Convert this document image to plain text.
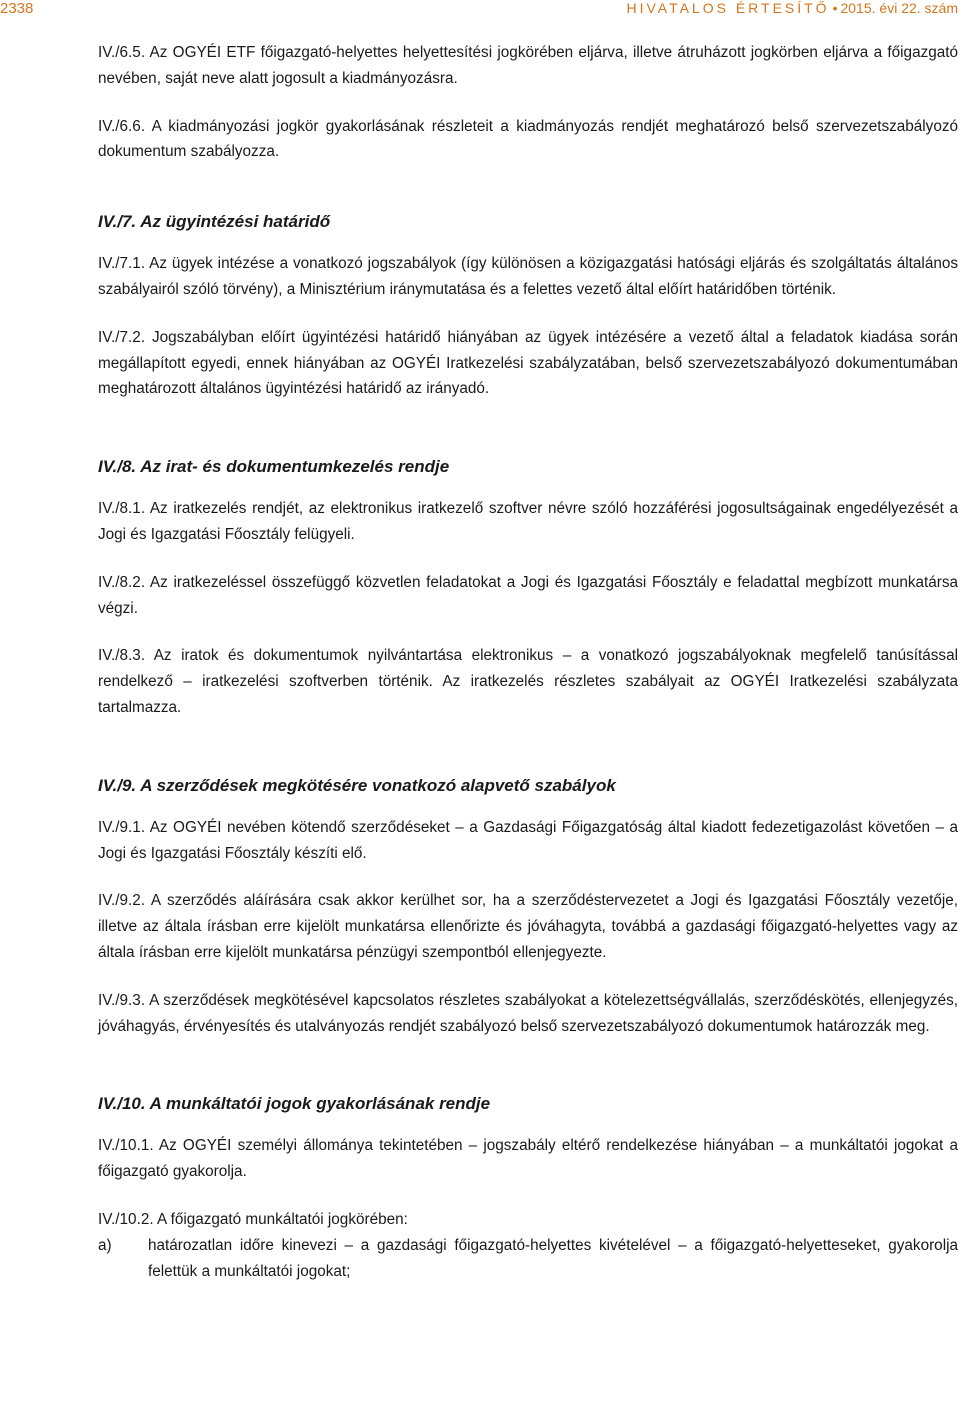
2338	HIVATALOS ÉRTESÍTŐ • 2015. évi 22. szám

IV./6.5. Az OGYÉI ETF főigazgató-helyettes helyettesítési jogkörében eljárva, illetve átruházott jogkörben eljárva a főigazgató nevében, saját neve alatt jogosult a kiadmányozásra.

IV./6.6. A kiadmányozási jogkör gyakorlásának részleteit a kiadmányozás rendjét meghatározó belső szervezetszabályozó dokumentum szabályozza.

IV./7. Az ügyintézési határidő

IV./7.1. Az ügyek intézése a vonatkozó jogszabályok (így különösen a közigazgatási hatósági eljárás és szolgáltatás általános szabályairól szóló törvény), a Minisztérium iránymutatása és a felettes vezető által előírt határidőben történik.

IV./7.2. Jogszabályban előírt ügyintézési határidő hiányában az ügyek intézésére a vezető által a feladatok kiadása során megállapított egyedi, ennek hiányában az OGYÉI Iratkezelési szabályzatában, belső szervezetszabályozó dokumentumában meghatározott általános ügyintézési határidő az irányadó.

IV./8. Az irat- és dokumentumkezelés rendje

IV./8.1. Az iratkezelés rendjét, az elektronikus iratkezelő szoftver névre szóló hozzáférési jogosultságainak engedélyezését a Jogi és Igazgatási Főosztály felügyeli.

IV./8.2. Az iratkezeléssel összefüggő közvetlen feladatokat a Jogi és Igazgatási Főosztály e feladattal megbízott munkatársa végzi.

IV./8.3. Az iratok és dokumentumok nyilvántartása elektronikus – a vonatkozó jogszabályoknak megfelelő tanúsítással rendelkező – iratkezelési szoftverben történik. Az iratkezelés részletes szabályait az OGYÉI Iratkezelési szabályzata tartalmazza.

IV./9. A szerződések megkötésére vonatkozó alapvető szabályok

IV./9.1. Az OGYÉI nevében kötendő szerződéseket – a Gazdasági Főigazgatóság által kiadott fedezetigazolást követően – a Jogi és Igazgatási Főosztály készíti elő.

IV./9.2. A szerződés aláírására csak akkor kerülhet sor, ha a szerződéstervezetet a Jogi és Igazgatási Főosztály vezetője, illetve az általa írásban erre kijelölt munkatársa ellenőrizte és jóváhagyta, továbbá a gazdasági főigazgató-helyettes vagy az általa írásban erre kijelölt munkatársa pénzügyi szempontból ellenjegyezte.

IV./9.3. A szerződések megkötésével kapcsolatos részletes szabályokat a kötelezettségvállalás, szerződéskötés, ellenjegyzés, jóváhagyás, érvényesítés és utalványozás rendjét szabályozó belső szervezetszabályozó dokumentumok határozzák meg.

IV./10. A munkáltatói jogok gyakorlásának rendje

IV./10.1. Az OGYÉI személyi állománya tekintetében – jogszabály eltérő rendelkezése hiányában – a munkáltatói jogokat a főigazgató gyakorolja.

IV./10.2. A főigazgató munkáltatói jogkörében:

a)	határozatlan időre kinevezi – a gazdasági főigazgató-helyettes kivételével – a főigazgató-helyetteseket, gyakorolja felettük a munkáltatói jogokat;
